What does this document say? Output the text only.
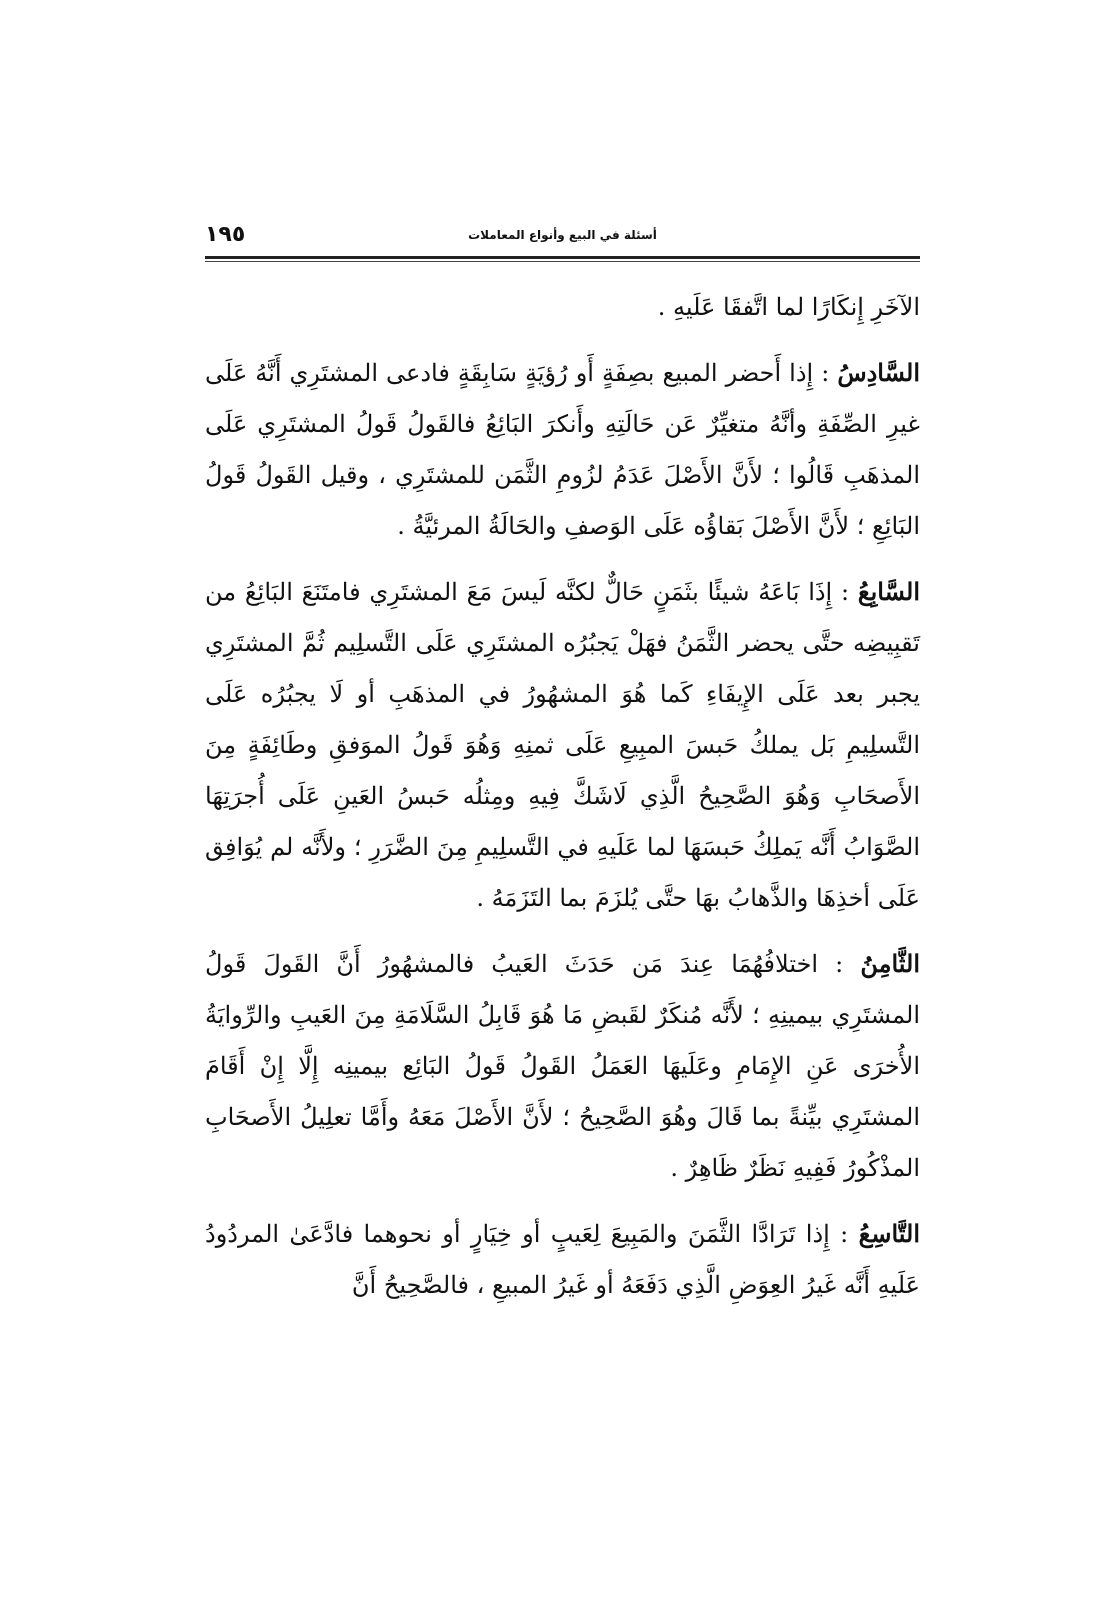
١٩٥	أسئلة في البيع وأنواع المعاملات

الآخَرِ إِنكَارًا لما اتَّفقَا عَلَيهِ .

السَّادِسُ : إِذا أَحضر المبيع بصِفَةٍ أَو رُؤيَةٍ سَابِقَةٍ فادعى المشتَرِي أَنَّهُ عَلَى غيرِ الصِّفَةِ وأنَّهُ متغيِّرٌ عَن حَالَتِهِ وأَنكرَ البَائِعُ فالقَولُ قَولُ المشتَرِي عَلَى المذهَبِ قَالُوا ؛ لأَنَّ الأَصْلَ عَدَمُ لزُومِ الثَّمَن للمشتَرِي ، وقيل القَولُ قَولُ البَائِعِ ؛ لأَنَّ الأَصْلَ بَقاؤُه عَلَى الوَصفِ والحَالَةُ المرئيَّةُ .

السَّابِعُ : إِذَا بَاعَهُ شيئًا بثَمَنٍ حَالٌّ لكنَّه لَيسَ مَعَ المشتَرِي فامتَنَعَ البَائِعُ من تَقبِيضِه حتَّى يحضر الثَّمَنُ فهَلْ يَجبُرُه المشتَرِي عَلَى التَّسلِيم ثُمَّ المشتَرِي يجبر بعد عَلَى الإِيفَاءِ كَما هُوَ المشهُورُ في المذهَبِ أو لَا يجبُرُه عَلَى التَّسلِيمِ بَل يملكُ حَبسَ المبِيعِ عَلَى ثمنِهِ وَهُوَ قَولُ الموَفقِ وطَائِفَةٍ مِنَ الأَصحَابِ وَهُوَ الصَّحِيحُ الَّذِي لَاشَكَّ فِيهِ ومِثلُه حَبسُ العَينِ عَلَى أُجرَتِهَا الصَّوَابُ أَنَّه يَملِكُ حَبسَهَا لما عَلَيهِ في التَّسلِيمِ مِنَ الضَّرَرِ ؛ ولأَنَّه لم يُوَافِق عَلَى أخذِهَا والذَّهابُ بهَا حتَّى يُلزَمَ بما التَزَمَهُ .

الثَّامِنُ : اختلافُهُمَا عِندَ مَن حَدَثَ العَيبُ فالمشهُورُ أَنَّ القَولَ قَولُ المشتَرِي بيمينِهِ ؛ لأَنَّه مُنكَرٌ لقَبضِ مَا هُوَ قَابِلُ السَّلَامَةِ مِنَ العَيبِ والرِّوايَةُ الأُخرَى عَنِ الإِمَامِ وعَلَيهَا العَمَلُ القَولُ قَولُ البَائِع بيمينِه إِلَّا إِنْ أَقَامَ المشتَرِي بيِّنةً بما قَالَ وهُوَ الصَّحِيحُ ؛ لأَنَّ الأَصْلَ مَعَهُ وأَمَّا تعلِيلُ الأَصحَابِ المذْكُورُ فَفِيهِ نَظَرٌ ظَاهِرٌ .

التَّاسِعُ : إِذا تَرَادَّا الثَّمَنَ والمَبِيعَ لِعَيبٍ أو خِيَارٍ أو نحوهما فادَّعَىٰ المردُودُ عَلَيهِ أَنَّه غَيرُ العِوَضِ الَّذِي دَفَعَهُ أو غَيرُ المبيعِ ، فالصَّحِيحُ أَنَّ
